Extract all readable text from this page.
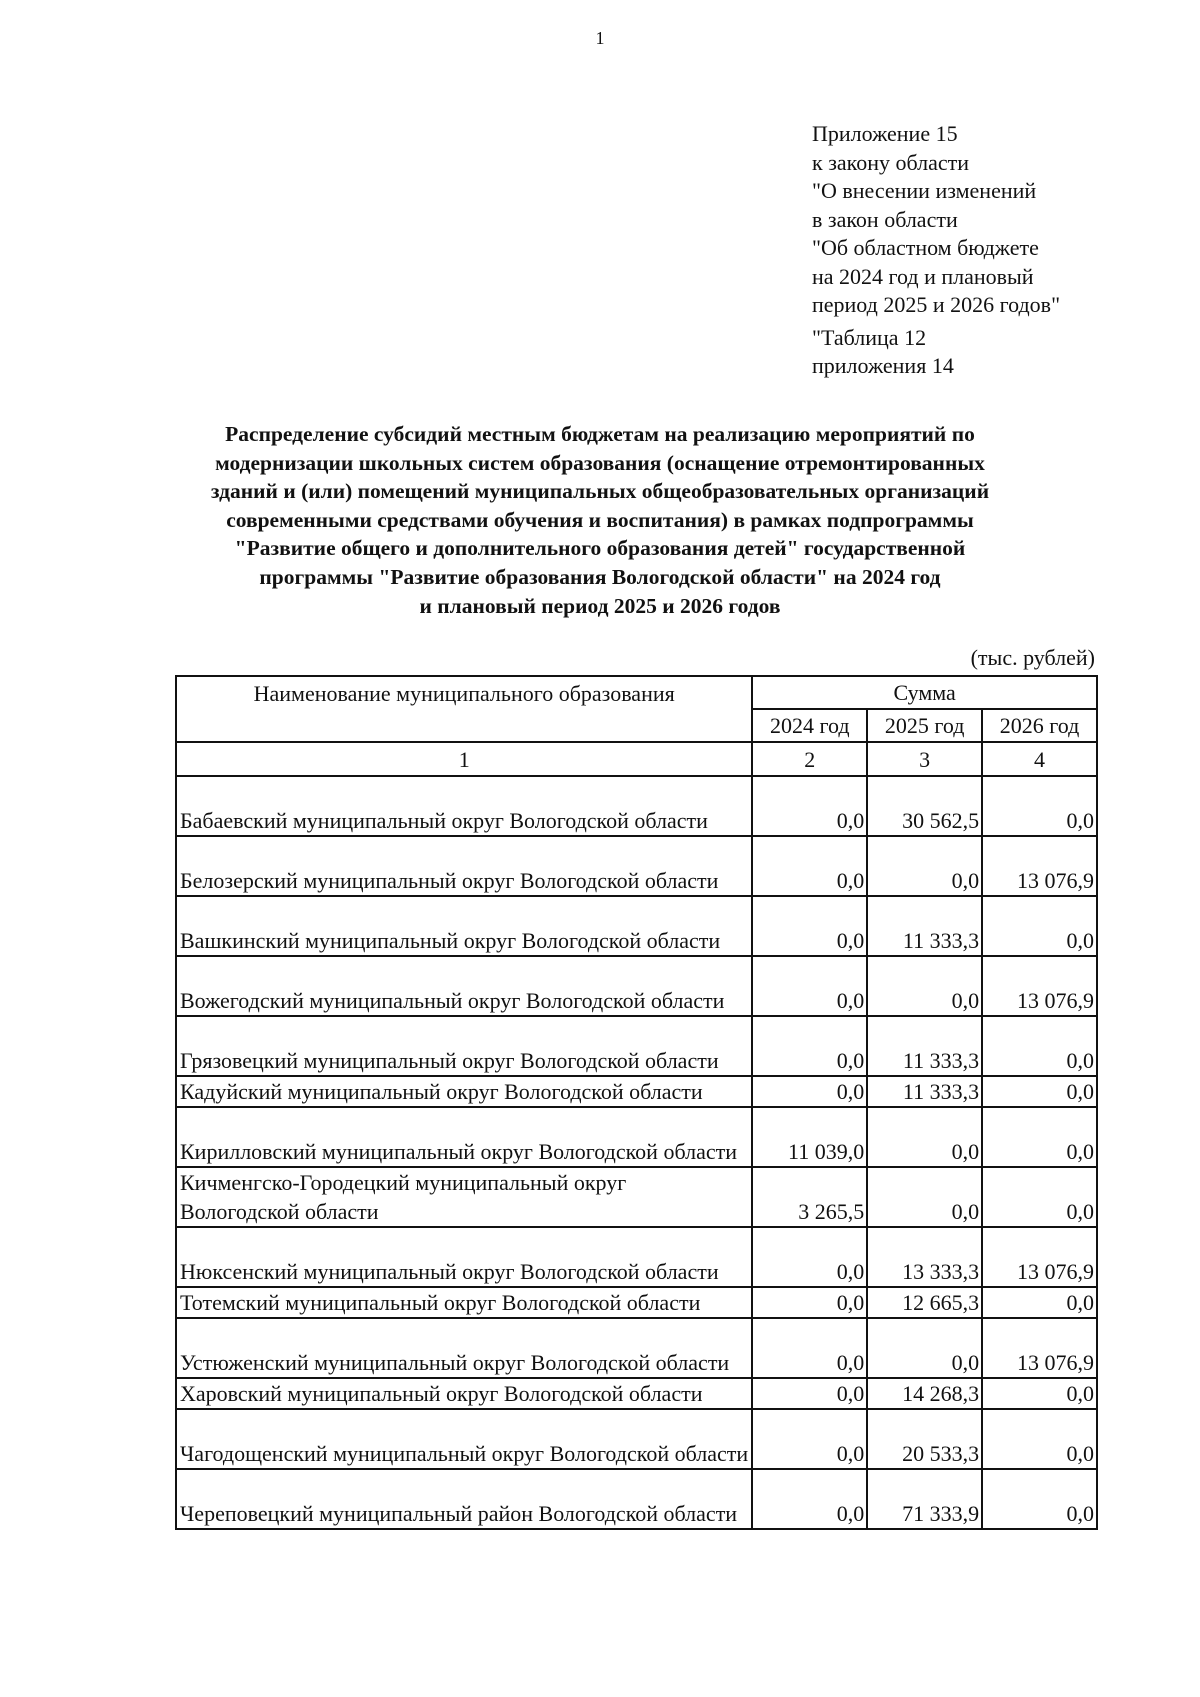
1
Приложение 15
к закону области
"О внесении изменений
в закон области
"Об областном бюджете
на 2024 год и плановый
период 2025 и 2026 годов"
"Таблица 12
приложения 14
Распределение субсидий местным бюджетам на реализацию мероприятий по
модернизации школьных систем образования (оснащение отремонтированных
зданий и (или) помещений муниципальных общеобразовательных организаций
современными средствами обучения и воспитания) в рамках подпрограммы
"Развитие общего и дополнительного образования детей" государственной
программы "Развитие образования Вологодской области" на 2024 год
и плановый период 2025 и 2026 годов
(тыс. рублей)
Наименование муниципального образования	Сумма		
	2024 год	2025 год	2026 год
1	2	3	4
Бабаевский муниципальный округ Вологодской области	0,0	30 562,5	0,0
Белозерский муниципальный округ Вологодской области	0,0	0,0	13 076,9
Вашкинский муниципальный округ Вологодской области	0,0	11 333,3	0,0
Вожегодский муниципальный округ Вологодской области	0,0	0,0	13 076,9
Грязовецкий муниципальный округ Вологодской области	0,0	11 333,3	0,0
Кадуйский муниципальный округ Вологодской области	0,0	11 333,3	0,0
Кирилловский муниципальный округ Вологодской области	11 039,0	0,0	0,0
Кичменгско-Городецкий муниципальный округ Вологодской области	3 265,5	0,0	0,0
Нюксенский муниципальный округ Вологодской области	0,0	13 333,3	13 076,9
Тотемский муниципальный округ Вологодской области	0,0	12 665,3	0,0
Устюженский муниципальный округ Вологодской области	0,0	0,0	13 076,9
Харовский муниципальный округ Вологодской области	0,0	14 268,3	0,0
Чагодощенский муниципальный округ Вологодской области	0,0	20 533,3	0,0
Череповецкий муниципальный район Вологодской области	0,0	71 333,9	0,0
